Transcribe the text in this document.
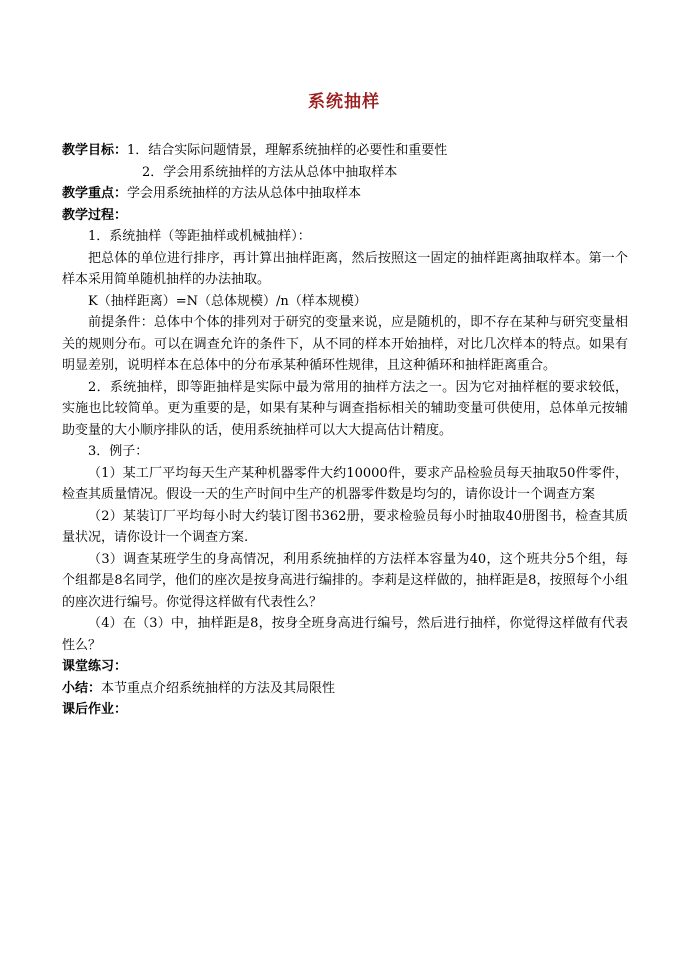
系统抽样
教学目标：1．结合实际问题情景，理解系统抽样的必要性和重要性
2．学会用系统抽样的方法从总体中抽取样本
教学重点：学会用系统抽样的方法从总体中抽取样本
教学过程：
1．系统抽样（等距抽样或机械抽样）：

把总体的单位进行排序，再计算出抽样距离，然后按照这一固定的抽样距离抽取样本。第一个样本采用简单随机抽样的办法抽取。

K（抽样距离）=N（总体规模）/n（样本规模）

前提条件：总体中个体的排列对于研究的变量来说，应是随机的，即不存在某种与研究变量相关的规则分布。可以在调查允许的条件下，从不同的样本开始抽样，对比几次样本的特点。如果有明显差别，说明样本在总体中的分布承某种循环性规律，且这种循环和抽样距离重合。

2．系统抽样，即等距抽样是实际中最为常用的抽样方法之一。因为它对抽样框的要求较低，实施也比较简单。更为重要的是，如果有某种与调查指标相关的辅助变量可供使用，总体单元按辅助变量的大小顺序排队的话，使用系统抽样可以大大提高估计精度。

3．例子：

（1）某工厂平均每天生产某种机器零件大约10000件，要求产品检验员每天抽取50件零件，检查其质量情况。假设一天的生产时间中生产的机器零件数是均匀的，请你设计一个调查方案

（2）某装订厂平均每小时大约装订图书362册，要求检验员每小时抽取40册图书，检查其质量状况，请你设计一个调查方案.

（3）调查某班学生的身高情况，利用系统抽样的方法样本容量为40，这个班共分5个组，每个组都是8名同学，他们的座次是按身高进行编排的。李莉是这样做的，抽样距是8，按照每个小组的座次进行编号。你觉得这样做有代表性么？

（4）在（3）中，抽样距是8，按身全班身高进行编号，然后进行抽样，你觉得这样做有代表性么？

课堂练习：
小结：本节重点介绍系统抽样的方法及其局限性
课后作业：
